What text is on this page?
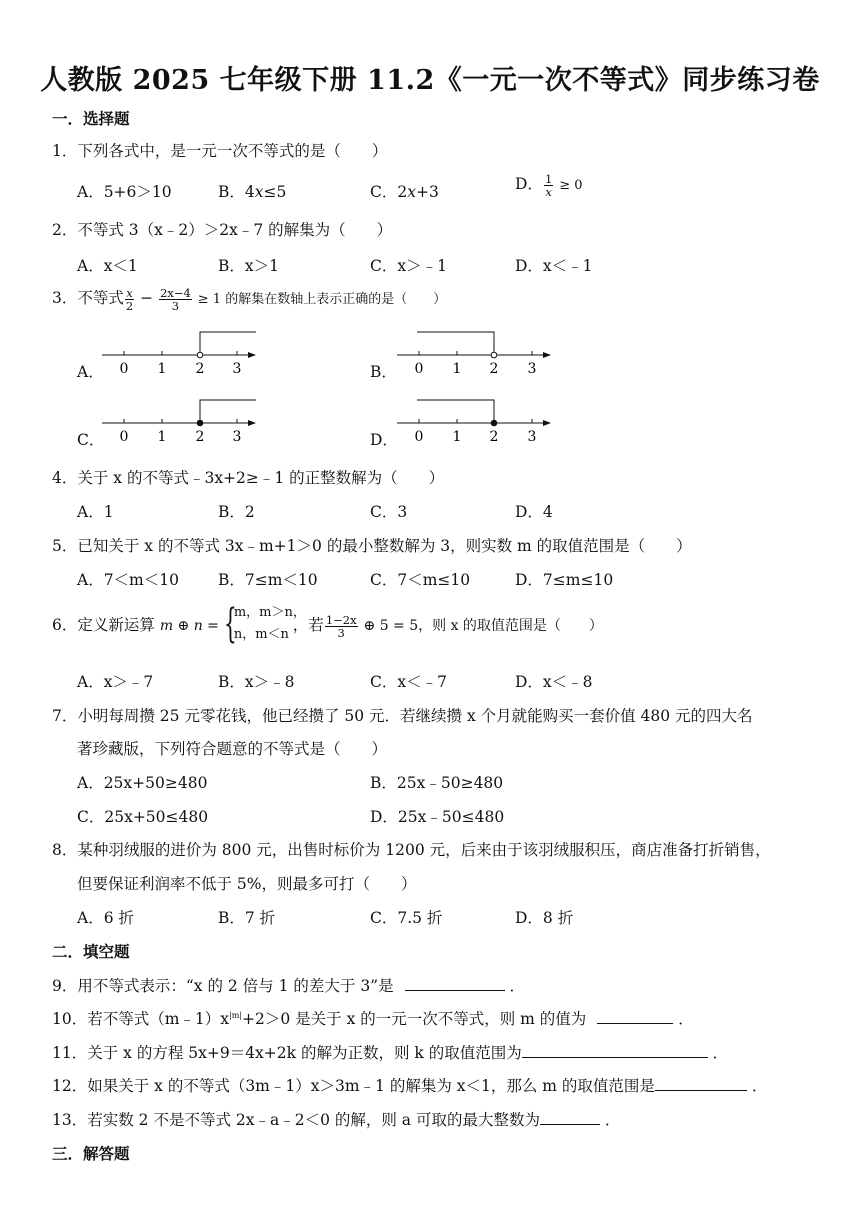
人教版 2025 七年级下册 11.2《一元一次不等式》同步练习卷
一．选择题
1．下列各式中，是一元一次不等式的是（　　）
A．5+6＞10	B．4x≤5	C．2x+3	D． $\frac{1}{x} \ge 0$
2．不等式 3（x﹣2）＞2x﹣7 的解集为（　　）
A．x＜1	B．x＞1	C．x＞﹣1	D．x＜﹣1
3．不等式 $\frac{x}{2} - \frac{2x-4}{3} \ge 1$ 的解集在数轴上表示正确的是（　　）
A．	B．
C．	D．
0 1 2 3	0 1 2 3
0 1 2 3	0 1 2 3
4．关于 x 的不等式﹣3x+2≥﹣1 的正整数解为（　　）
A．1	B．2	C．3	D．4
5．已知关于 x 的不等式 3x﹣m+1＞0 的最小整数解为 3，则实数 m 的取值范围是（　　）
A．7＜m＜10	B．7≤m＜10	C．7＜m≤10	D．7≤m≤10
6．定义新运算 m ⊕ n = {
m，m＞n，
n，m＜n
，若 $\frac{1-2x}{3}$ ⊕ 5 = 5，则 x 的取值范围是（　　）
A．x＞﹣7	B．x＞﹣8	C．x＜﹣7	D．x＜﹣8
7．小明每周攒 25 元零花钱，他已经攒了 50 元．若继续攒 x 个月就能购买一套价值 480 元的四大名
著珍藏版，下列符合题意的不等式是（　　）
A．25x+50≥480	B．25x﹣50≥480
C．25x+50≤480	D．25x﹣50≤480
8．某种羽绒服的进价为 800 元，出售时标价为 1200 元，后来由于该羽绒服积压，商店准备打折销售，
但要保证利润率不低于 5%，则最多可打（　　）
A．6 折	B．7 折	C．7.5 折	D．8 折
二．填空题
9．用不等式表示：“x 的 2 倍与 1 的差大于 3”是	．
10．若不等式$(m﹣1)x^{|m|}+2>0$ 是关于 x 的一元一次不等式，则 m 的值为	．
11．关于 x 的方程 5x+9＝4x+2k 的解为正数，则 k 的取值范围为	．
12．如果关于 x 的不等式（3m﹣1）x＞3m﹣1 的解集为 x＜1，那么 m 的取值范围是	．
13．若实数 2 不是不等式 2x﹣a﹣2＜0 的解，则 a 可取的最大整数为	．
三．解答题
